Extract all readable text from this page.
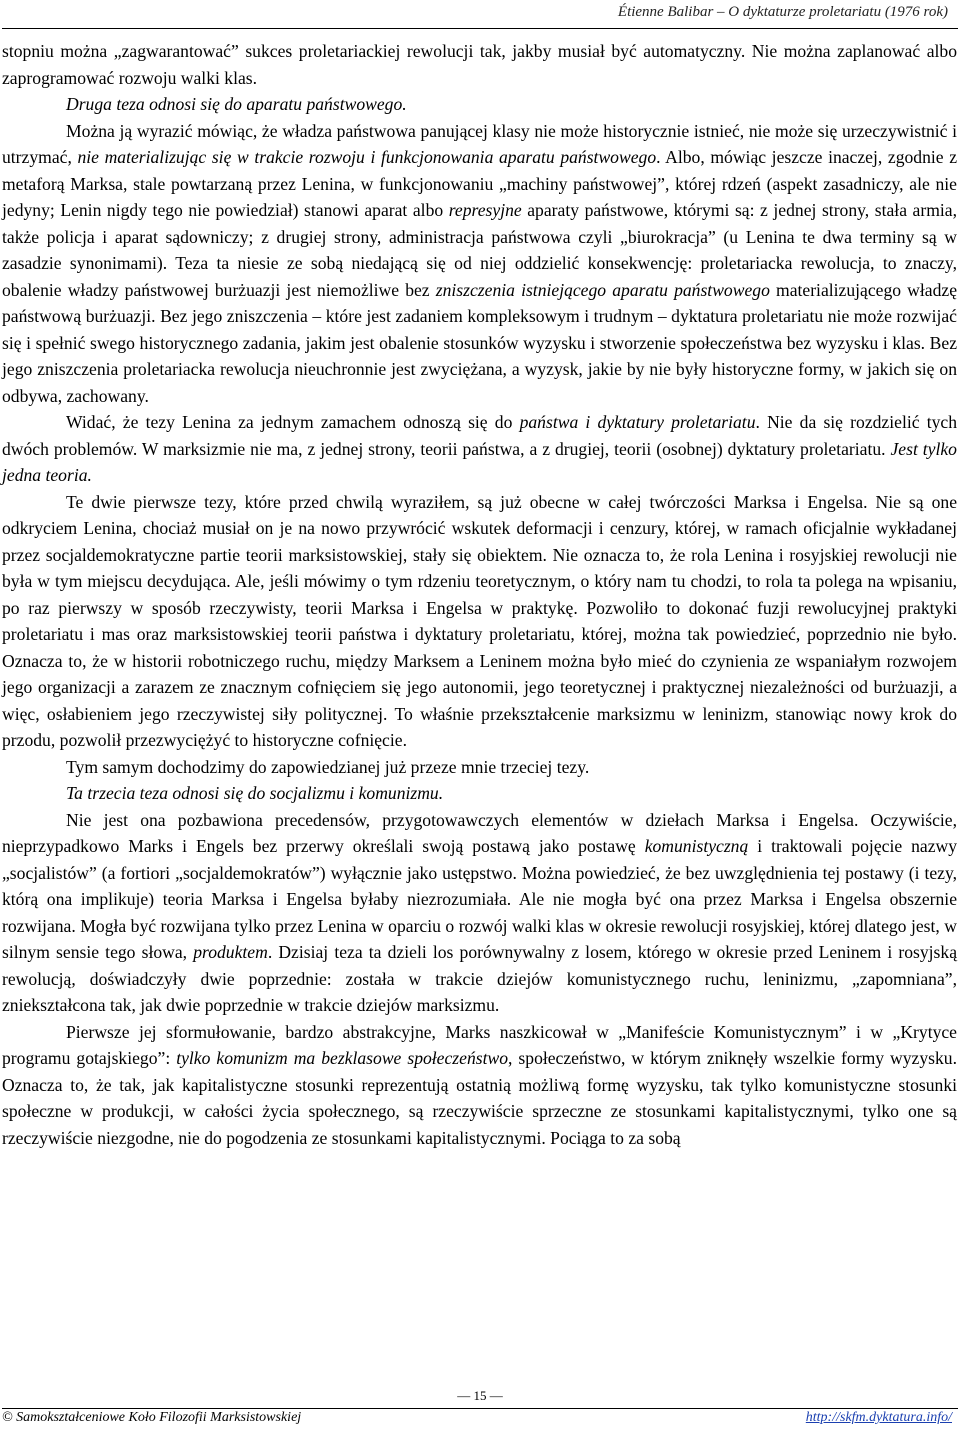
Étienne Balibar – O dyktaturze proletariatu (1976 rok)

stopniu można „zagwarantować” sukces proletariackiej rewolucji tak, jakby musiał być automatyczny. Nie można zaplanować albo zaprogramować rozwoju walki klas.

Druga teza odnosi się do aparatu państwowego.

Można ją wyrazić mówiąc, że władza państwowa panującej klasy nie może historycznie istnieć, nie może się urzeczywistnić i utrzymać, nie materializując się w trakcie rozwoju i funkcjonowania aparatu państwowego. Albo, mówiąc jeszcze inaczej, zgodnie z metaforą Marksa, stale powtarzaną przez Lenina, w funkcjonowaniu „machiny państwowej”, której rdzeń (aspekt zasadniczy, ale nie jedyny; Lenin nigdy tego nie powiedział) stanowi aparat albo represyjne aparaty państwowe, którymi są: z jednej strony, stała armia, także policja i aparat sądowniczy; z drugiej strony, administracja państwowa czyli „biurokracja” (u Lenina te dwa terminy są w zasadzie synonimami). Teza ta niesie ze sobą niedającą się od niej oddzielić konsekwencję: proletariacka rewolucja, to znaczy, obalenie władzy państwowej burżuazji jest niemożliwe bez zniszczenia istniejącego aparatu państwowego materializującego władzę państwową burżuazji. Bez jego zniszczenia – które jest zadaniem kompleksowym i trudnym – dyktatura proletariatu nie może rozwijać się i spełnić swego historycznego zadania, jakim jest obalenie stosunków wyzysku i stworzenie społeczeństwa bez wyzysku i klas. Bez jego zniszczenia proletariacka rewolucja nieuchronnie jest zwyciężana, a wyzysk, jakie by nie były historyczne formy, w jakich się on odbywa, zachowany.

Widać, że tezy Lenina za jednym zamachem odnoszą się do państwa i dyktatury proletariatu. Nie da się rozdzielić tych dwóch problemów. W marksizmie nie ma, z jednej strony, teorii państwa, a z drugiej, teorii (osobnej) dyktatury proletariatu. Jest tylko jedna teoria.

Te dwie pierwsze tezy, które przed chwilą wyraziłem, są już obecne w całej twórczości Marksa i Engelsa. Nie są one odkryciem Lenina, chociaż musiał on je na nowo przywrócić wskutek deformacji i cenzury, której, w ramach oficjalnie wykładanej przez socjaldemokratyczne partie teorii marksistowskiej, stały się obiektem. Nie oznacza to, że rola Lenina i rosyjskiej rewolucji nie była w tym miejscu decydująca. Ale, jeśli mówimy o tym rdzeniu teoretycznym, o który nam tu chodzi, to rola ta polega na wpisaniu, po raz pierwszy w sposób rzeczywisty, teorii Marksa i Engelsa w praktykę. Pozwoliło to dokonać fuzji rewolucyjnej praktyki proletariatu i mas oraz marksistowskiej teorii państwa i dyktatury proletariatu, której, można tak powiedzieć, poprzednio nie było. Oznacza to, że w historii robotniczego ruchu, między Marksem a Leninem można było mieć do czynienia ze wspaniałym rozwojem jego organizacji a zarazem ze znacznym cofnięciem się jego autonomii, jego teoretycznej i praktycznej niezależności od burżuazji, a więc, osłabieniem jego rzeczywistej siły politycznej. To właśnie przekształcenie marksizmu w leninizm, stanowiąc nowy krok do przodu, pozwolił przezwyciężyć to historyczne cofnięcie.

Tym samym dochodzimy do zapowiedzianej już przeze mnie trzeciej tezy.

Ta trzecia teza odnosi się do socjalizmu i komunizmu.

Nie jest ona pozbawiona precedensów, przygotowawczych elementów w dziełach Marksa i Engelsa. Oczywiście, nieprzypadkowo Marks i Engels bez przerwy określali swoją postawą jako postawę komunistyczną i traktowali pojęcie nazwy „socjalistów” (a fortiori „socjaldemokratów”) wyłącznie jako ustępstwo. Można powiedzieć, że bez uwzględnienia tej postawy (i tezy, którą ona implikuje) teoria Marksa i Engelsa byłaby niezrozumiała. Ale nie mogła być ona przez Marksa i Engelsa obszernie rozwijana. Mogła być rozwijana tylko przez Lenina w oparciu o rozwój walki klas w okresie rewolucji rosyjskiej, której dlatego jest, w silnym sensie tego słowa, produktem. Dzisiaj teza ta dzieli los porównywalny z losem, którego w okresie przed Leninem i rosyjską rewolucją, doświadczyły dwie poprzednie: została w trakcie dziejów komunistycznego ruchu, leninizmu, „zapomniana”, zniekształcona tak, jak dwie poprzednie w trakcie dziejów marksizmu.

Pierwsze jej sformułowanie, bardzo abstrakcyjne, Marks naszkicował w „Manifeście Komunistycznym” i w „Krytyce programu gotajskiego”: tylko komunizm ma bezklasowe społeczeństwo, społeczeństwo, w którym zniknęły wszelkie formy wyzysku. Oznacza to, że tak, jak kapitalistyczne stosunki reprezentują ostatnią możliwą formę wyzysku, tak tylko komunistyczne stosunki społeczne w produkcji, w całości życia społecznego, są rzeczywiście sprzeczne ze stosunkami kapitalistycznymi, tylko one są rzeczywiście niezgodne, nie do pogodzenia ze stosunkami kapitalistycznymi. Pociąga to za sobą

— 15 —
© Samokształceniowe Koło Filozofii Marksistowskiej	http://skfm.dyktatura.info/
